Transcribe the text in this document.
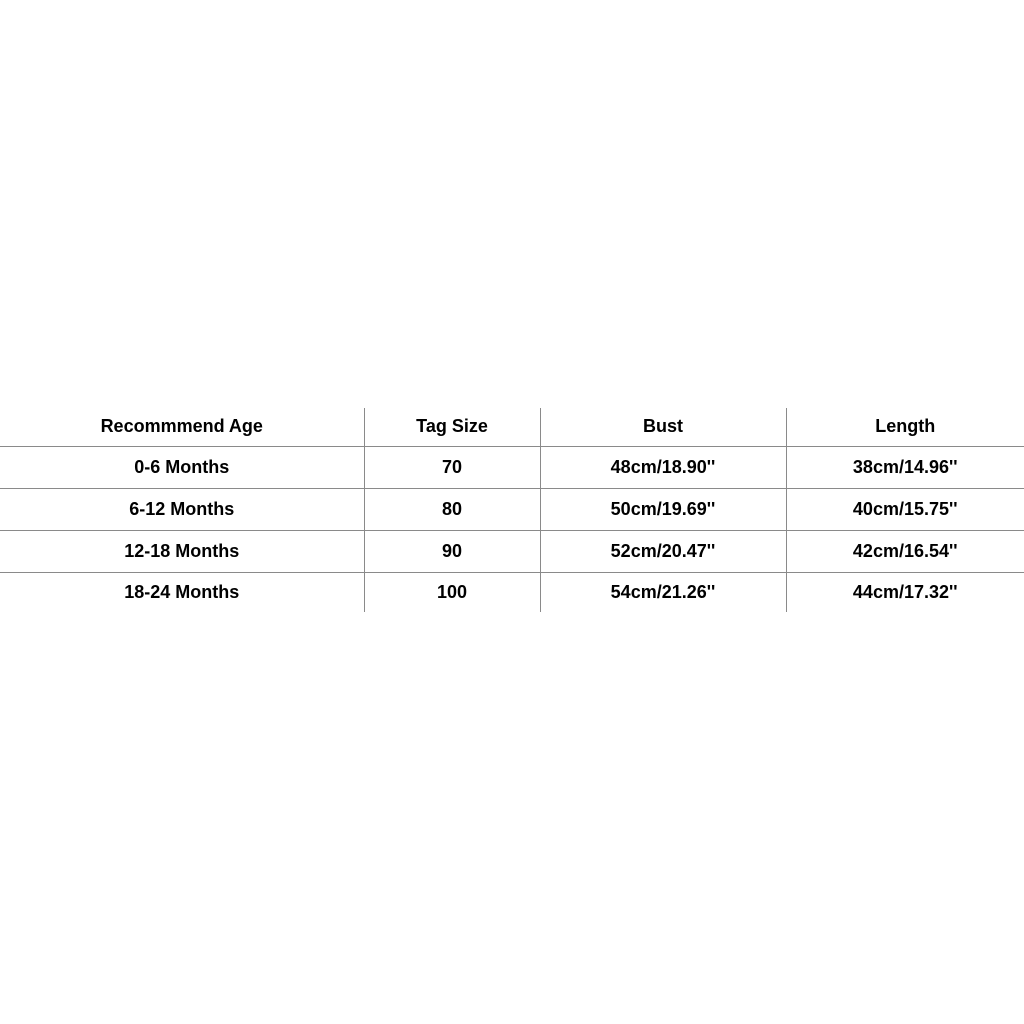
Recommmend Age	Tag Size	Bust	Length
0-6 Months	70	48cm/18.90''	38cm/14.96''
6-12 Months	80	50cm/19.69''	40cm/15.75''
12-18 Months	90	52cm/20.47''	42cm/16.54''
18-24 Months	100	54cm/21.26''	44cm/17.32''
